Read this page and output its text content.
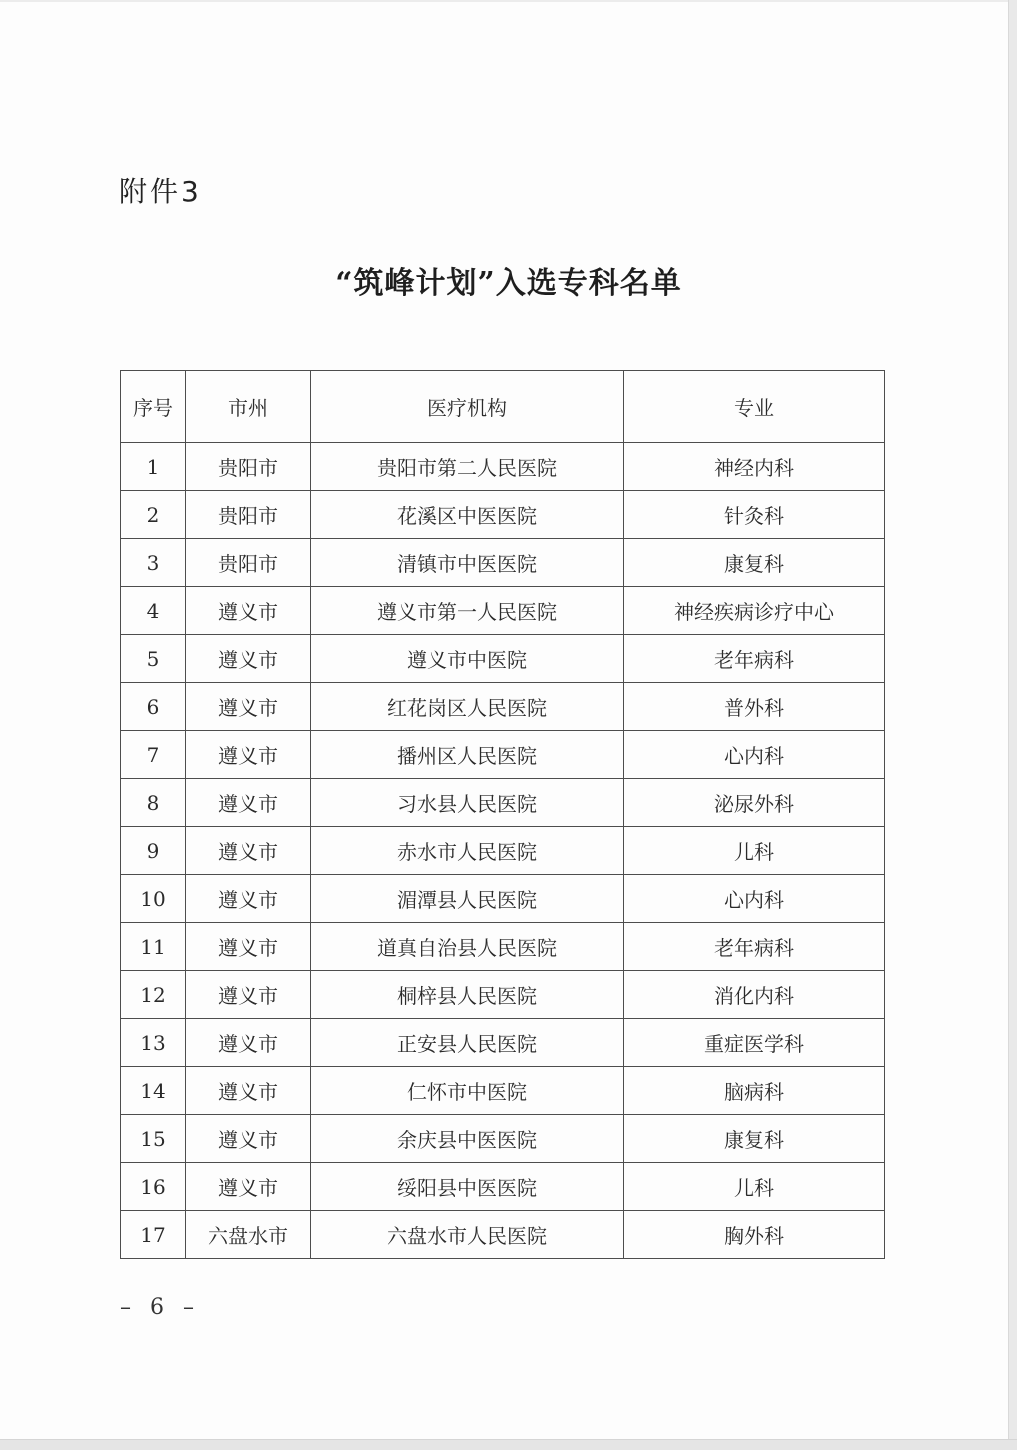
附件3
“筑峰计划”入选专科名单
序号	市州	医疗机构	专业
1	贵阳市	贵阳市第二人民医院	神经内科
2	贵阳市	花溪区中医医院	针灸科
3	贵阳市	清镇市中医医院	康复科
4	遵义市	遵义市第一人民医院	神经疾病诊疗中心
5	遵义市	遵义市中医院	老年病科
6	遵义市	红花岗区人民医院	普外科
7	遵义市	播州区人民医院	心内科
8	遵义市	习水县人民医院	泌尿外科
9	遵义市	赤水市人民医院	儿科
10	遵义市	湄潭县人民医院	心内科
11	遵义市	道真自治县人民医院	老年病科
12	遵义市	桐梓县人民医院	消化内科
13	遵义市	正安县人民医院	重症医学科
14	遵义市	仁怀市中医院	脑病科
15	遵义市	余庆县中医医院	康复科
16	遵义市	绥阳县中医医院	儿科
17	六盘水市	六盘水市人民医院	胸外科
– 6 –
